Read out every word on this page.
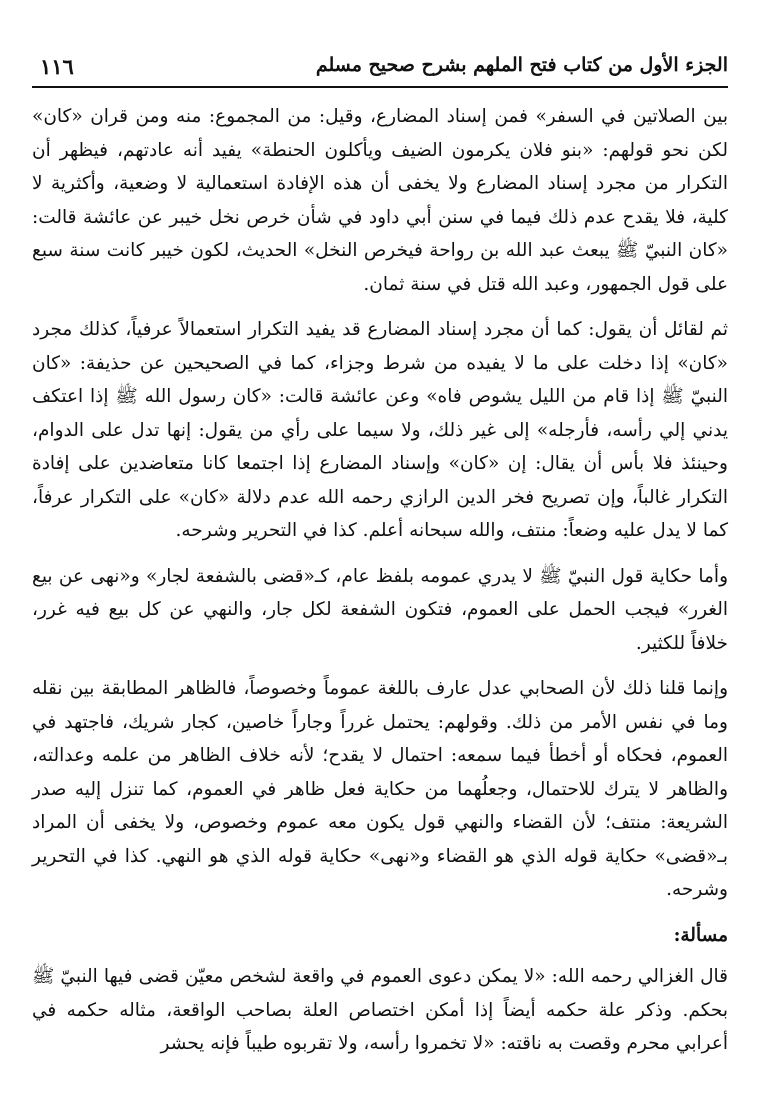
الجزء الأول من كتاب فتح الملهم بشرح صحيح مسلم
١١٦

بين الصلاتين في السفر» فمن إسناد المضارع، وقيل: من المجموع: منه ومن قران «كان» لكن نحو قولهم: «بنو فلان يكرمون الضيف ويأكلون الحنطة» يفيد أنه عادتهم، فيظهر أن التكرار من مجرد إسناد المضارع ولا يخفى أن هذه الإفادة استعمالية لا وضعية، وأكثرية لا كلية، فلا يقدح عدم ذلك فيما في سنن أبي داود في شأن خرص نخل خيبر عن عائشة قالت: «كان النبيّ ﷺ يبعث عبد الله بن رواحة فيخرص النخل» الحديث، لكون خيبر كانت سنة سبع على قول الجمهور، وعبد الله قتل في سنة ثمان.

ثم لقائل أن يقول: كما أن مجرد إسناد المضارع قد يفيد التكرار استعمالاً عرفياً، كذلك مجرد «كان» إذا دخلت على ما لا يفيده من شرط وجزاء، كما في الصحيحين عن حذيفة: «كان النبيّ ﷺ إذا قام من الليل يشوص فاه» وعن عائشة قالت: «كان رسول الله ﷺ إذا اعتكف يدني إلي رأسه، فأرجله» إلى غير ذلك، ولا سيما على رأي من يقول: إنها تدل على الدوام، وحينئذ فلا بأس أن يقال: إن «كان» وإسناد المضارع إذا اجتمعا كانا متعاضدين على إفادة التكرار غالباً، وإن تصريح فخر الدين الرازي رحمه الله عدم دلالة «كان» على التكرار عرفاً، كما لا يدل عليه وضعاً: منتف، والله سبحانه أعلم. كذا في التحرير وشرحه.

وأما حكاية قول النبيّ ﷺ لا يدري عمومه بلفظ عام، كـ«قضى بالشفعة لجار» و«نهى عن بيع الغرر» فيجب الحمل على العموم، فتكون الشفعة لكل جار، والنهي عن كل بيع فيه غرر، خلافاً للكثير.

وإنما قلنا ذلك لأن الصحابي عدل عارف باللغة عموماً وخصوصاً، فالظاهر المطابقة بين نقله وما في نفس الأمر من ذلك. وقولهم: يحتمل غرراً وجاراً خاصين، كجار شريك، فاجتهد في العموم، فحكاه أو أخطأ فيما سمعه: احتمال لا يقدح؛ لأنه خلاف الظاهر من علمه وعدالته، والظاهر لا يترك للاحتمال، وجعلُهما من حكاية فعل ظاهر في العموم، كما تنزل إليه صدر الشريعة: منتف؛ لأن القضاء والنهي قول يكون معه عموم وخصوص، ولا يخفى أن المراد بـ«قضى» حكاية قوله الذي هو القضاء و«نهى» حكاية قوله الذي هو النهي. كذا في التحرير وشرحه.

مسألة:

قال الغزالي رحمه الله: «لا يمكن دعوى العموم في واقعة لشخص معيّن قضى فيها النبيّ ﷺ بحكم. وذكر علة حكمه أيضاً إذا أمكن اختصاص العلة بصاحب الواقعة، مثاله حكمه في أعرابي محرم وقصت به ناقته: «لا تخمروا رأسه، ولا تقربوه طيباً فإنه يحشر
